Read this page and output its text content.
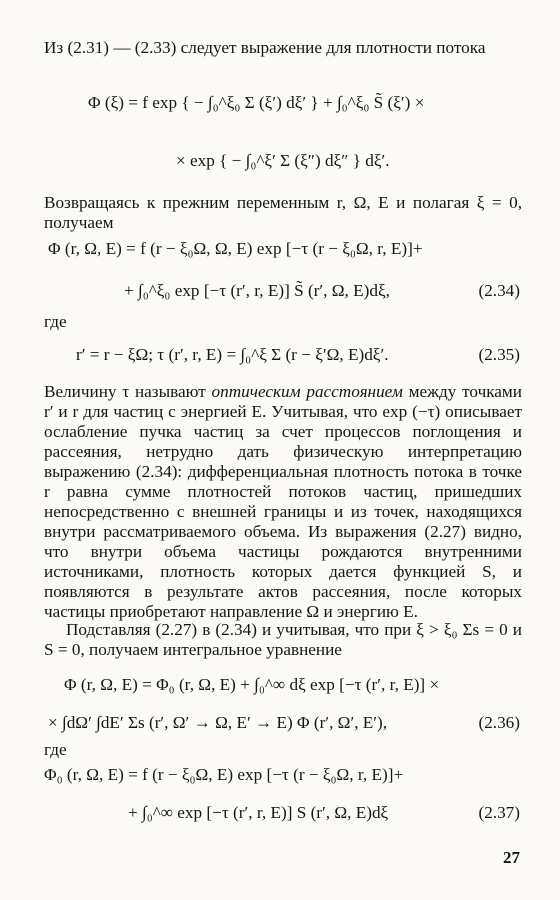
Из (2.31) — (2.33) следует выражение для плотности потока

Φ (ξ) = f exp { − ∫₀^ξ₀ Σ (ξ′) dξ′ } + ∫₀^ξ₀ S̃ (ξ′) ×
× exp { − ∫₀^ξ′ Σ (ξ″) dξ″ } dξ′.

Возвращаясь к прежним переменным r, Ω, E и полагая ξ = 0, получаем

Φ (r, Ω, E) = f (r − ξ₀Ω, Ω, E) exp [−τ (r − ξ₀Ω, r, E)]+
+ ∫₀^ξ₀ exp [−τ (r′, r, E)] S̃ (r′, Ω, E)dξ,	(2.34)
где
r′ = r − ξΩ; τ (r′, r, E) = ∫₀^ξ Σ (r − ξ′Ω, E)dξ′.	(2.35)

Величину τ называют оптическим расстоянием между точками r′ и r для частиц с энергией E. Учитывая, что exp (−τ) описывает ослабление пучка частиц за счет процессов поглощения и рассеяния, нетрудно дать физическую интерпретацию выражению (2.34): дифференциальная плотность потока в точке r равна сумме плотностей потоков частиц, пришедших непосредственно с внешней границы и из точек, находящихся внутри рассматриваемого объема. Из выражения (2.27) видно, что внутри объема частицы рождаются внутренними источниками, плотность которых дается функцией S, и появляются в результате актов рассеяния, после которых частицы приобретают направление Ω и энергию E.

Подставляя (2.27) в (2.34) и учитывая, что при ξ > ξ₀ Σs = 0 и S = 0, получаем интегральное уравнение

Φ (r, Ω, E) = Φ₀ (r, Ω, E) + ∫₀^∞ dξ exp [−τ (r′, r, E)] ×
× ∫dΩ′ ∫dE′ Σs (r′, Ω′ → Ω, E′ → E) Φ (r′, Ω′, E′),	(2.36)
где
Φ₀ (r, Ω, E) = f (r − ξ₀Ω, E) exp [−τ (r − ξ₀Ω, r, E)]+
+ ∫₀^∞ exp [−τ (r′, r, E)] S (r′, Ω, E)dξ	(2.37)
27
